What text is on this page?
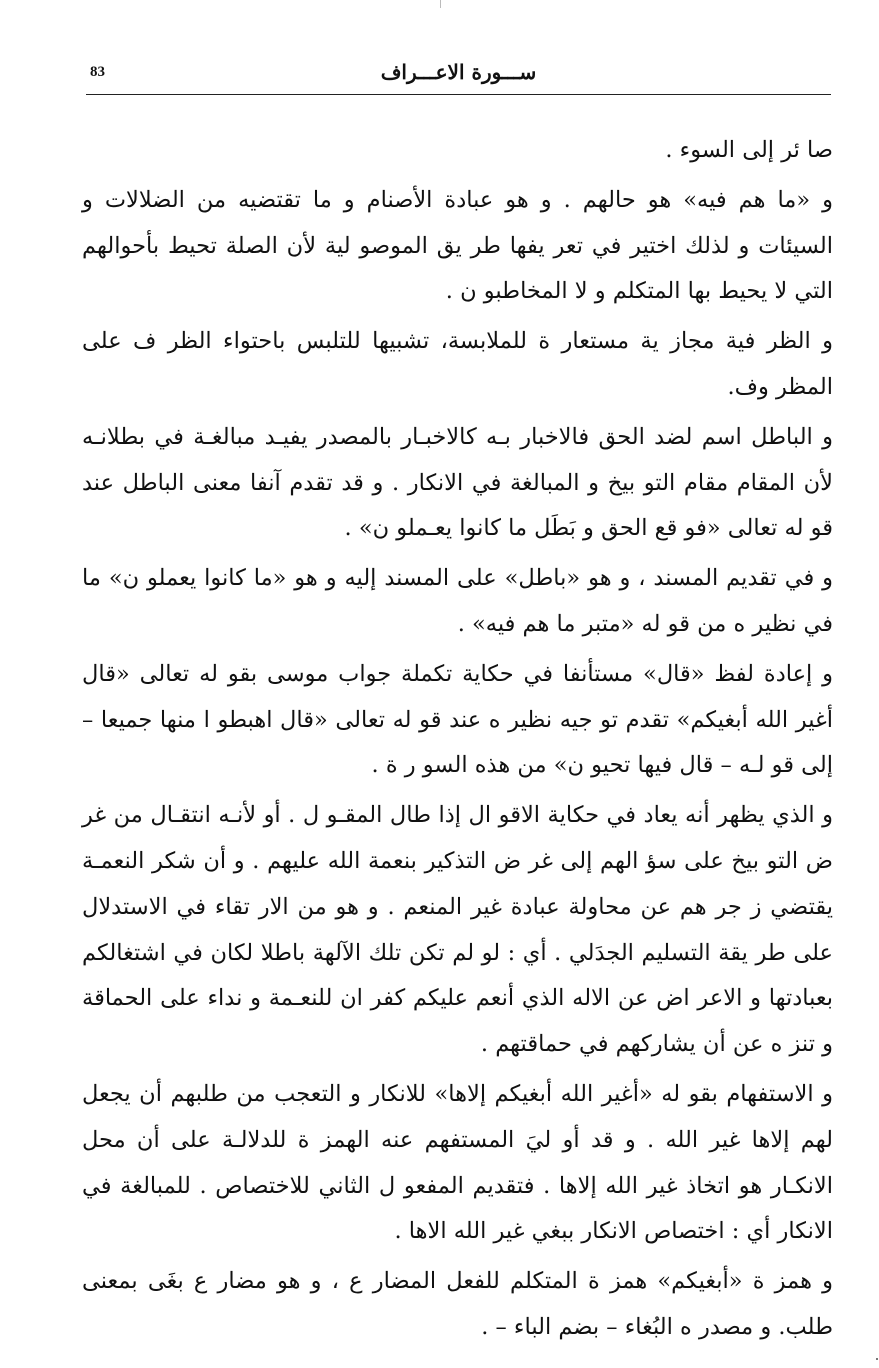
83	ســـورة الاعـــراف

صا ئر إلى السوء .

و «ما هم فيه» هو حالهم . و هو عبادة الأصنام و ما تقتضيه من الضلالات و السيئات و لذلك اختير في تعر يفها طر يق الموصو لية لأن الصلة تحيط بأحوالهم التي لا يحيط بها المتكلم و لا المخاطبو ن .

و الظر فية مجاز ية مستعار ة للملابسة، تشبيها للتلبس باحتواء الظر ف على المظر وف.

و الباطل اسم لضد الحق فالاخبار بـه كالاخبـار بالمصدر يفيـد مبالغـة في بطلانـه لأن المقام مقام التو بيخ و المبالغة في الانكار . و قد تقدم آنفا معنى الباطل عند قو له تعالى «فو قع الحق و بَطَل ما كانوا يعـملو ن» .

و في تقديم المسند ، و هو «باطل» على المسند إليه و هو «ما كانوا يعملو ن» ما في نظير ه من قو له «متبر ما هم فيه» .

و إعادة لفظ «قال» مستأنفا في حكاية تكملة جواب موسى بقو له تعالى «قال أغير الله أبغيكم» تقدم تو جيه نظير ه عند قو له تعالى «قال اهبطو ا منها جميعا – إلى قو لـه – قال فيها تحيو ن» من هذه السو ر ة .

و الذي يظهر أنه يعاد في حكاية الاقو ال إذا طال المقـو ل . أو لأنـه انتقـال من غر ض التو بيخ على سؤ الهم إلى غر ض التذكير بنعمة الله عليهم . و أن شكر النعمـة يقتضي ز جر هم عن محاولة عبادة غير المنعم . و هو من الار تقاء في الاستدلال على طر يقة التسليم الجدَلي . أي : لو لم تكن تلك الآلهة باطلا لكان في اشتغالكم بعبادتها و الاعر اض عن الاله الذي أنعم عليكم كفر ان للنعـمة و نداء على الحماقة و تنز ه عن أن يشاركهم في حماقتهم .

و الاستفهام بقو له «أغير الله أبغيكم إلاها» للانكار و التعجب من طلبهم أن يجعل لهم إلاها غير الله . و قد أو ليَ المستفهم عنه الهمز ة للدلالـة على أن محل الانكـار هو اتخاذ غير الله إلاها . فتقديم المفعو ل الثاني للاختصاص . للمبالغة في الانكار أي : اختصاص الانكار ببغي غير الله الاها .

و همز ة «أبغيكم» همز ة المتكلم للفعل المضار ع ، و هو مضار ع بغَى بمعنى طلب. و مصدر ه البُغاء – بضم الباء – .
